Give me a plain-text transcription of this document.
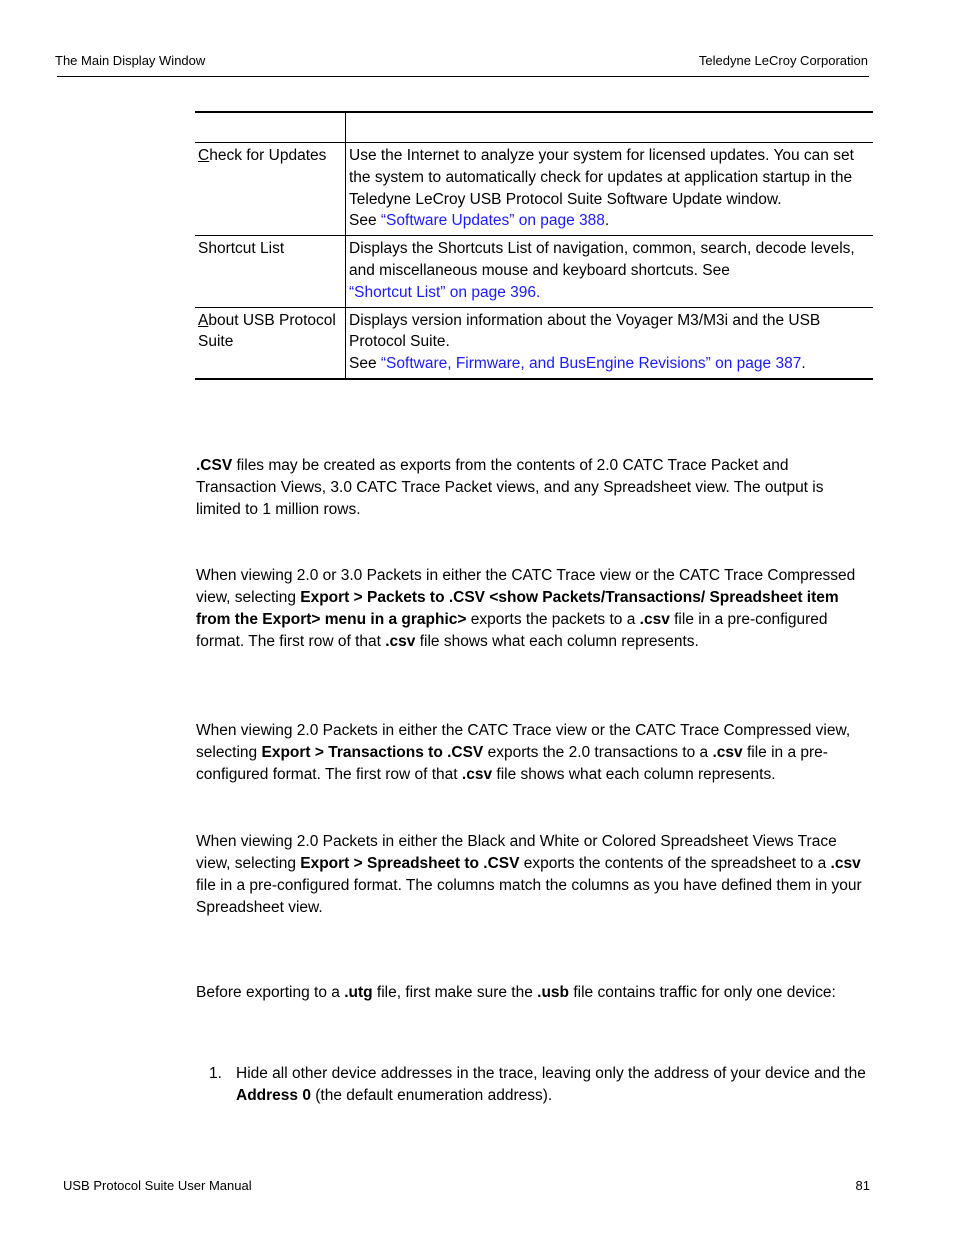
The Main Display Window	Teledyne LeCroy Corporation

Check for Updates	Use the Internet to analyze your system for licensed updates. You can set the system to automatically check for updates at application startup in the Teledyne LeCroy USB Protocol Suite Software Update window.
See “Software Updates” on page 388.
Shortcut List	Displays the Shortcuts List of navigation, common, search, decode levels, and miscellaneous mouse and keyboard shortcuts. See
“Shortcut List” on page 396.
About USB Protocol Suite	Displays version information about the Voyager M3/M3i and the USB Protocol Suite.
See “Software, Firmware, and BusEngine Revisions” on page 387.
.CSV files may be created as exports from the contents of 2.0 CATC Trace Packet and Transaction Views, 3.0 CATC Trace Packet views, and any Spreadsheet view. The output is limited to 1 million rows.
When viewing 2.0 or 3.0 Packets in either the CATC Trace view or the CATC Trace Compressed view, selecting Export > Packets to .CSV <show Packets/Transactions/ Spreadsheet item from the Export> menu in a graphic> exports the packets to a .csv file in a pre-configured format. The first row of that .csv file shows what each column represents.
When viewing 2.0 Packets in either the CATC Trace view or the CATC Trace Compressed view, selecting Export > Transactions to .CSV exports the 2.0 transactions to a .csv file in a pre-configured format. The first row of that .csv file shows what each column represents.
When viewing 2.0 Packets in either the Black and White or Colored Spreadsheet Views Trace view, selecting Export > Spreadsheet to .CSV exports the contents of the spreadsheet to a .csv file in a pre-configured format. The columns match the columns as you have defined them in your Spreadsheet view.
Before exporting to a .utg file, first make sure the .usb file contains traffic for only one device:
1. Hide all other device addresses in the trace, leaving only the address of your device and the Address 0 (the default enumeration address).
USB Protocol Suite User Manual	81
